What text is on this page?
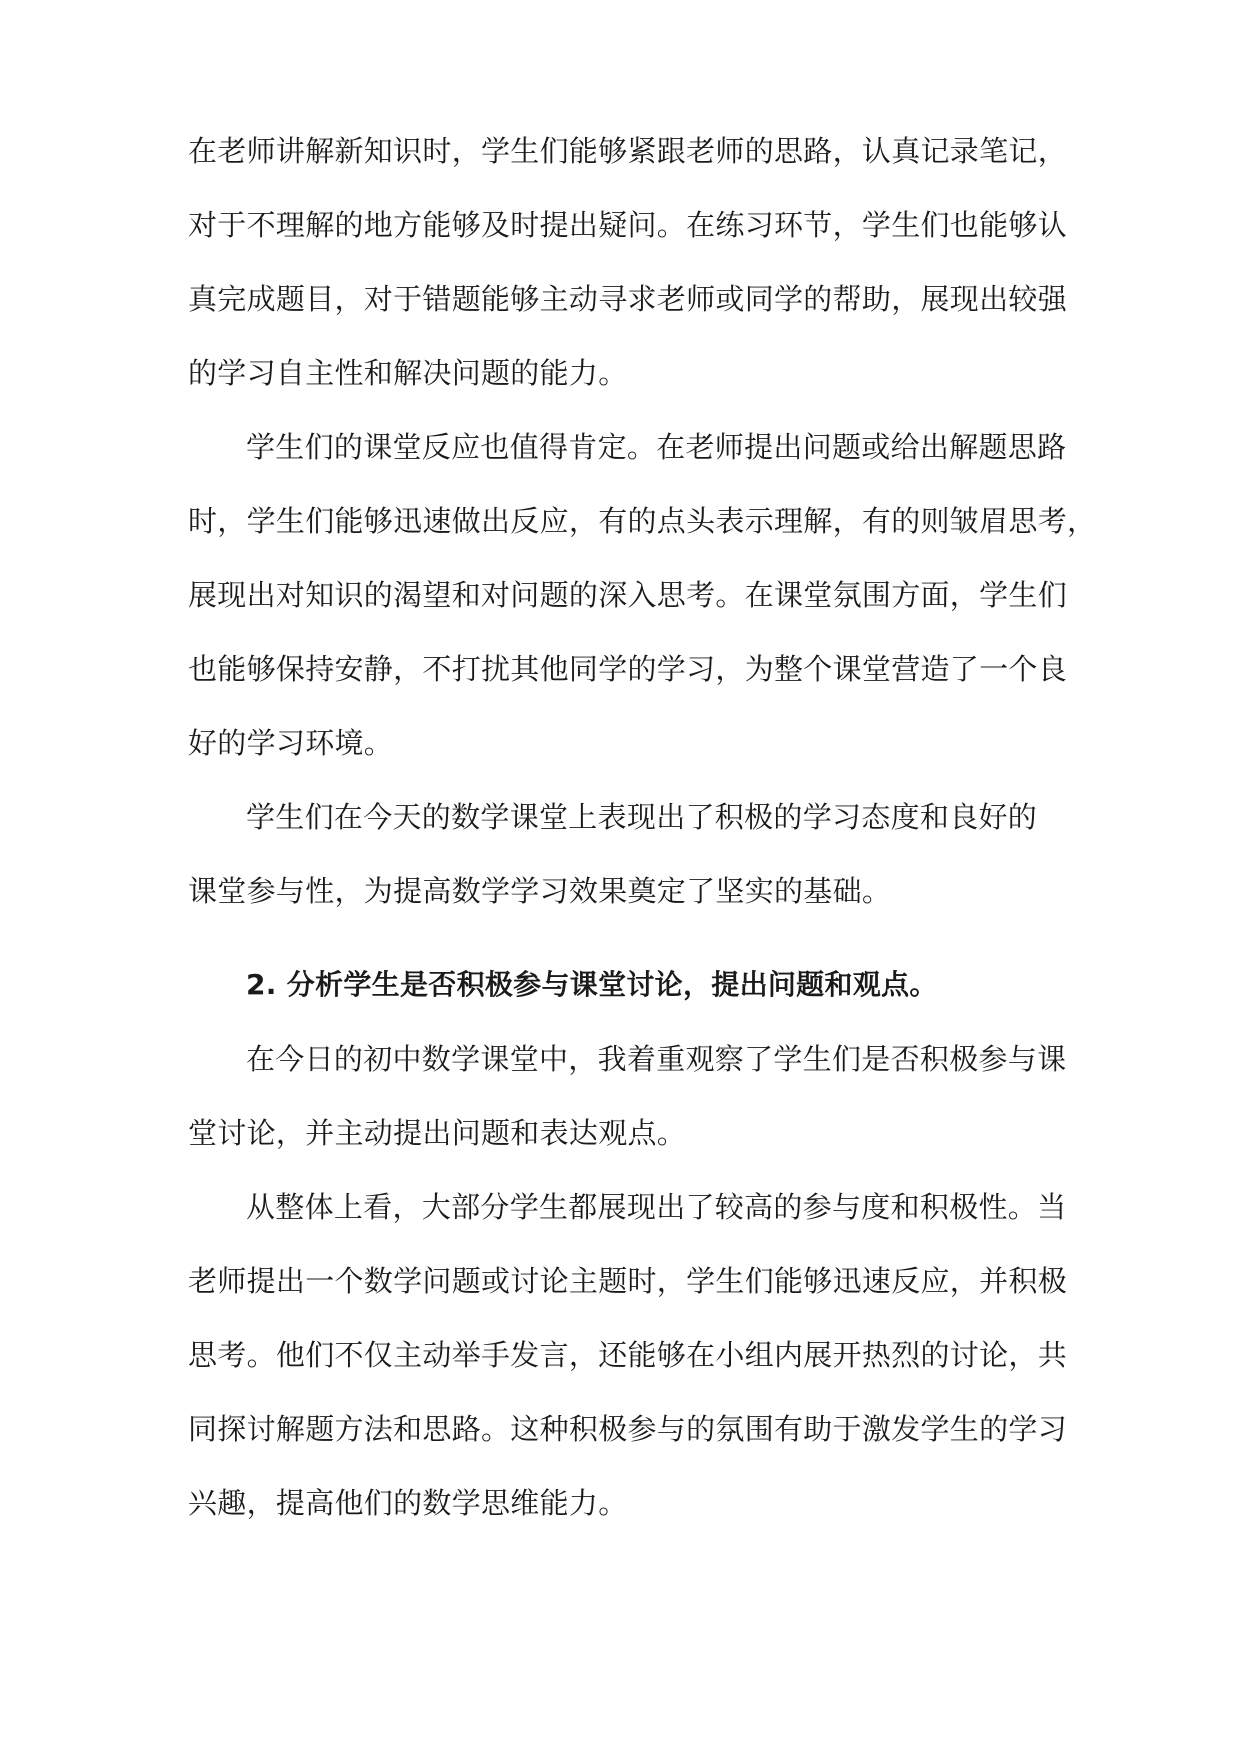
在老师讲解新知识时，学生们能够紧跟老师的思路，认真记录笔记，
对于不理解的地方能够及时提出疑问。在练习环节，学生们也能够认
真完成题目，对于错题能够主动寻求老师或同学的帮助，展现出较强
的学习自主性和解决问题的能力。
学生们的课堂反应也值得肯定。在老师提出问题或给出解题思路
时，学生们能够迅速做出反应，有的点头表示理解，有的则皱眉思考，
展现出对知识的渴望和对问题的深入思考。在课堂氛围方面，学生们
也能够保持安静，不打扰其他同学的学习，为整个课堂营造了一个良
好的学习环境。
学生们在今天的数学课堂上表现出了积极的学习态度和良好的
课堂参与性，为提高数学学习效果奠定了坚实的基础。
2. 分析学生是否积极参与课堂讨论，提出问题和观点。
在今日的初中数学课堂中，我着重观察了学生们是否积极参与课
堂讨论，并主动提出问题和表达观点。
从整体上看，大部分学生都展现出了较高的参与度和积极性。当
老师提出一个数学问题或讨论主题时，学生们能够迅速反应，并积极
思考。他们不仅主动举手发言，还能够在小组内展开热烈的讨论，共
同探讨解题方法和思路。这种积极参与的氛围有助于激发学生的学习
兴趣，提高他们的数学思维能力。
